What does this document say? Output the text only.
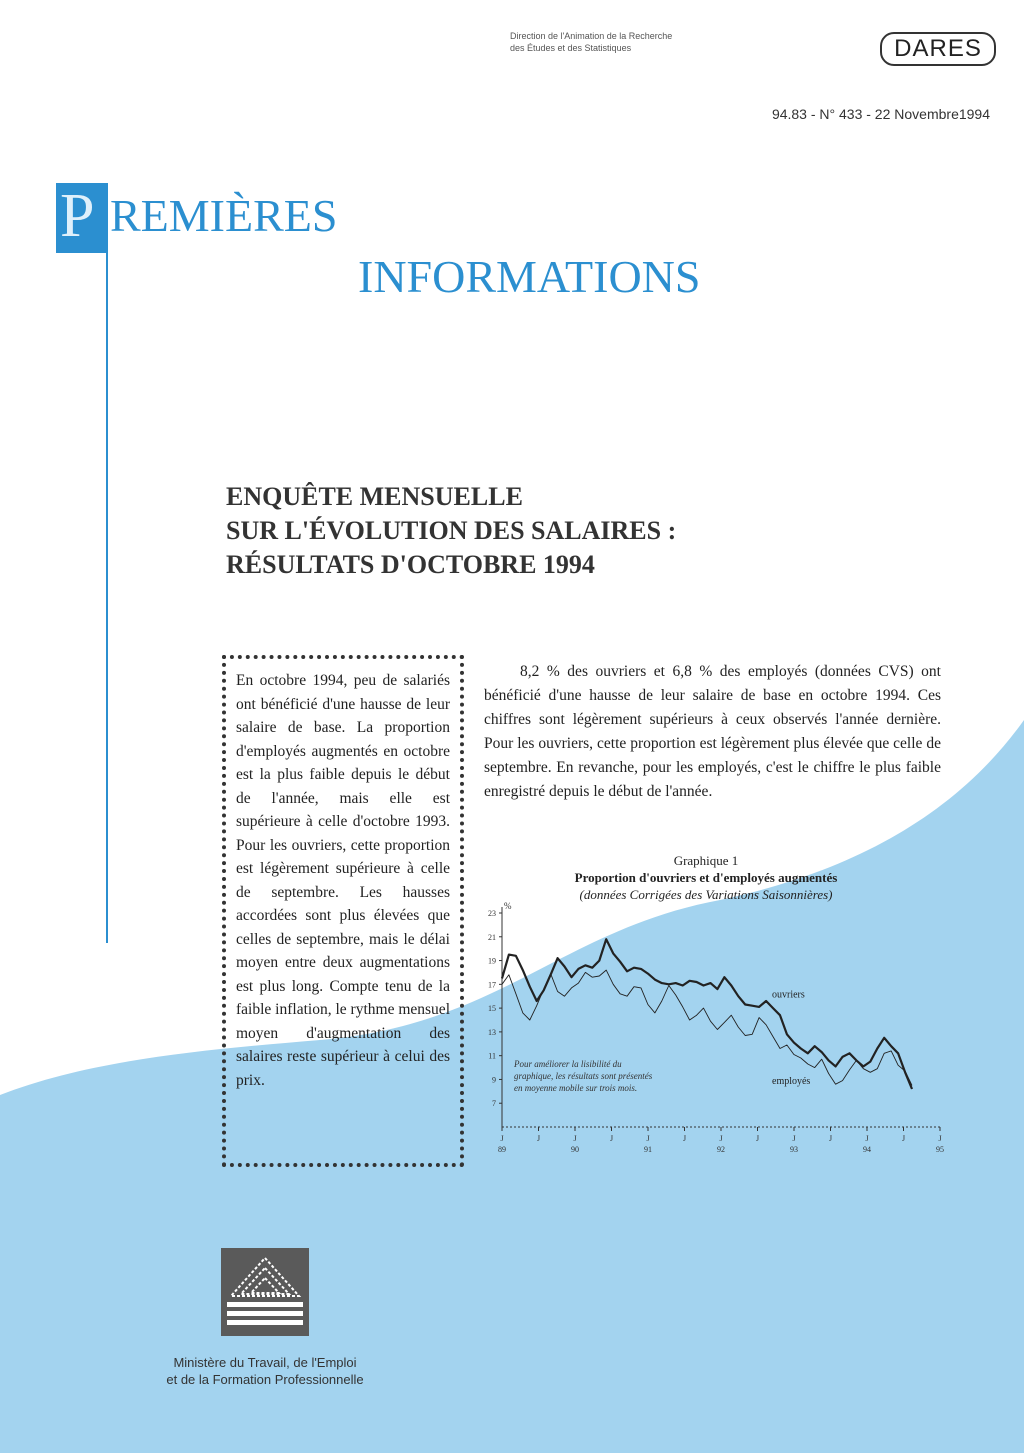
Direction de l'Animation de la Recherche
des Études et des Statistiques	DARES
94.83 - N° 433 - 22 Novembre1994
P REMIÈRES
INFORMATIONS
ENQUÊTE MENSUELLE
SUR L'ÉVOLUTION DES SALAIRES :
RÉSULTATS D'OCTOBRE 1994
En octobre 1994, peu de salariés ont bénéficié d'une hausse de leur salaire de base. La proportion d'employés augmentés en octobre est la plus faible depuis le début de l'année, mais elle est supérieure à celle d'octobre 1993. Pour les ouvriers, cette proportion est légèrement supérieure à celle de septembre. Les hausses accordées sont plus élevées que celles de septembre, mais le délai moyen entre deux augmentations est plus long. Compte tenu de la faible inflation, le rythme mensuel moyen d'augmentation des salaires reste supérieur à celui des prix.
8,2 % des ouvriers et 6,8 % des employés (données CVS) ont bénéficié d'une hausse de leur salaire de base en octobre 1994. Ces chiffres sont légèrement supérieurs à ceux observés l'année dernière. Pour les ouvriers, cette proportion est légèrement plus élevée que celle de septembre. En revanche, pour les employés, c'est le chiffre le plus faible enregistré depuis le début de l'année.
Graphique 1
Proportion d'ouvriers et d'employés augmentés
(données Corrigées des Variations Saisonnières)
%
23
21
19
17
15
13
11
9
7
J
89
J	J
90
J	J
91
J	J
92
J	J
93
J	J
94
J	J
95
ouvriers
employés
Pour améliorer la lisibilité du graphique, les résultats sont présentés en moyenne mobile sur trois mois.
Ministère du Travail, de l'Emploi
et de la Formation Professionnelle
